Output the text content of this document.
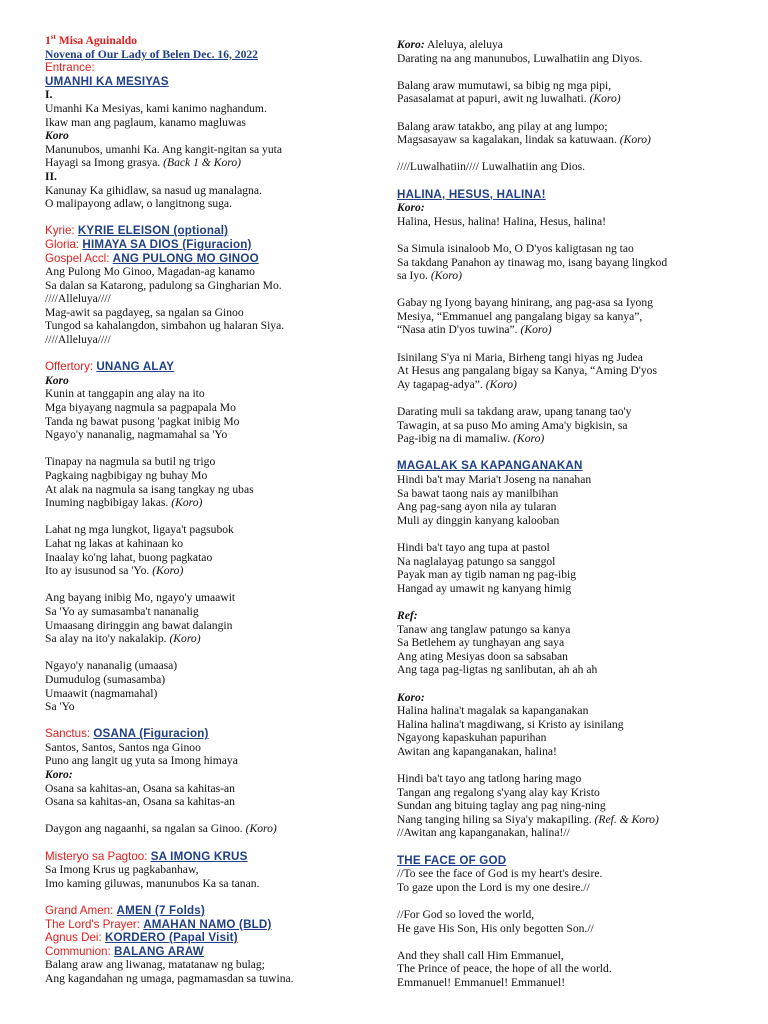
1st Misa Aguinaldo
Novena of Our Lady of Belen Dec. 16, 2022
Entrance:
UMANHI KA MESIYAS
I.
Umanhi Ka Mesiyas, kami kanimo naghandum.
Ikaw man ang paglaum, kanamo magluwas
Koro
Manunubos, umanhi Ka. Ang kangit-ngitan sa yuta
Hayagi sa Imong grasya. (Back 1 & Koro)
II.
Kanunay Ka gihidlaw, sa nasud ug manalagna.
O malipayong adlaw, o langitnong suga.
Kyrie: KYRIE ELEISON (optional)
Gloria: HIMAYA SA DIOS (Figuracion)
Gospel Accl: ANG PULONG MO GINOO
Ang Pulong Mo Ginoo, Magadan-ag kanamo
Sa dalan sa Katarong, padulong sa Gingharian Mo.
////Alleluya////
Mag-awit sa pagdayeg, sa ngalan sa Ginoo
Tungod sa kahalangdon, simbahon ug halaran Siya.
////Alleluya////
Offertory: UNANG ALAY
Koro
Kunin at tanggapin ang alay na ito
Mga biyayang nagmula sa pagpapala Mo
Tanda ng bawat pusong 'pagkat inibig Mo
Ngayo'y nananalig, nagmamahal sa 'Yo
Tinapay na nagmula sa butil ng trigo
Pagkaing nagbibigay ng buhay Mo
At alak na nagmula sa isang tangkay ng ubas
Inuming nagbibigay lakas. (Koro)
Lahat ng mga lungkot, ligaya't pagsubok
Lahat ng lakas at kahinaan ko
Inaalay ko'ng lahat, buong pagkatao
Ito ay isusunod sa 'Yo. (Koro)
Ang bayang inibig Mo, ngayo'y umaawit
Sa 'Yo ay sumasamba't nananalig
Umaasang diringgin ang bawat dalangin
Sa alay na ito'y nakalakip. (Koro)
Ngayo'y nananalig (umaasa)
Dumudulog (sumasamba)
Umaawit (nagmamahal)
Sa 'Yo
Sanctus: OSANA (Figuracion)
Santos, Santos, Santos nga Ginoo
Puno ang langit ug yuta sa Imong himaya
Koro:
Osana sa kahitas-an, Osana sa kahitas-an
Osana sa kahitas-an, Osana sa kahitas-an
Daygon ang nagaanhi, sa ngalan sa Ginoo. (Koro)
Misteryo sa Pagtoo: SA IMONG KRUS
Sa Imong Krus ug pagkabanhaw,
Imo kaming giluwas, manunubos Ka sa tanan.
Grand Amen: AMEN (7 Folds)
The Lord's Prayer: AMAHAN NAMO (BLD)
Agnus Dei: KORDERO (Papal Visit)
Communion: BALANG ARAW
Balang araw ang liwanag, matatanaw ng bulag;
Ang kagandahan ng umaga, pagmamasdan sa tuwina.
Koro: Aleluya, aleluya
Darating na ang manunubos, Luwalhatiin ang Diyos.
Balang araw mumutawi, sa bibig ng mga pipi,
Pasasalamat at papuri, awit ng luwalhati. (Koro)
Balang araw tatakbo, ang pilay at ang lumpo;
Magsasayaw sa kagalakan, lindak sa katuwaan. (Koro)
////Luwalhatiin//// Luwalhatiin ang Dios.
HALINA, HESUS, HALINA!
Koro:
Halina, Hesus, halina! Halina, Hesus, halina!
Sa Simula isinaloob Mo, O D'yos kaligtasan ng tao
Sa takdang Panahon ay tinawag mo, isang bayang lingkod
sa Iyo. (Koro)
Gabay ng Iyong bayang hinirang, ang pag-asa sa Iyong
Mesiya, “Emmanuel ang pangalang bigay sa kanya”,
“Nasa atin D'yos tuwina”. (Koro)
Isinilang S'ya ni Maria, Birheng tangi hiyas ng Judea
At Hesus ang pangalang bigay sa Kanya, “Aming D'yos
Ay tagapag-adya”. (Koro)
Darating muli sa takdang araw, upang tanang tao'y
Tawagin, at sa puso Mo aming Ama'y bigkisin, sa
Pag-ibig na di mamaliw. (Koro)
MAGALAK SA KAPANGANAKAN
Hindi ba't may Maria't Joseng na nanahan
Sa bawat taong nais ay manilbihan
Ang pag-sang ayon nila ay tularan
Muli ay dinggin kanyang kalooban
Hindi ba't tayo ang tupa at pastol
Na naglalayag patungo sa sanggol
Payak man ay tigib naman ng pag-ibig
Hangad ay umawit ng kanyang himig
Ref:
Tanaw ang tanglaw patungo sa kanya
Sa Betlehem ay tunghayan ang saya
Ang ating Mesiyas doon sa sabsaban
Ang taga pag-ligtas ng sanlibutan, ah ah ah
Koro:
Halina halina't magalak sa kapanganakan
Halina halina't magdiwang, si Kristo ay isinilang
Ngayong kapaskuhan papurihan
Awitan ang kapanganakan, halina!
Hindi ba't tayo ang tatlong haring mago
Tangan ang regalong s'yang alay kay Kristo
Sundan ang bituing taglay ang pag ning-ning
Nang tanging hiling sa Siya'y makapiling. (Ref. & Koro)
//Awitan ang kapanganakan, halina!//
THE FACE OF GOD
//To see the face of God is my heart's desire.
To gaze upon the Lord is my one desire.//
//For God so loved the world,
He gave His Son, His only begotten Son.//
And they shall call Him Emmanuel,
The Prince of peace, the hope of all the world.
Emmanuel! Emmanuel! Emmanuel!
